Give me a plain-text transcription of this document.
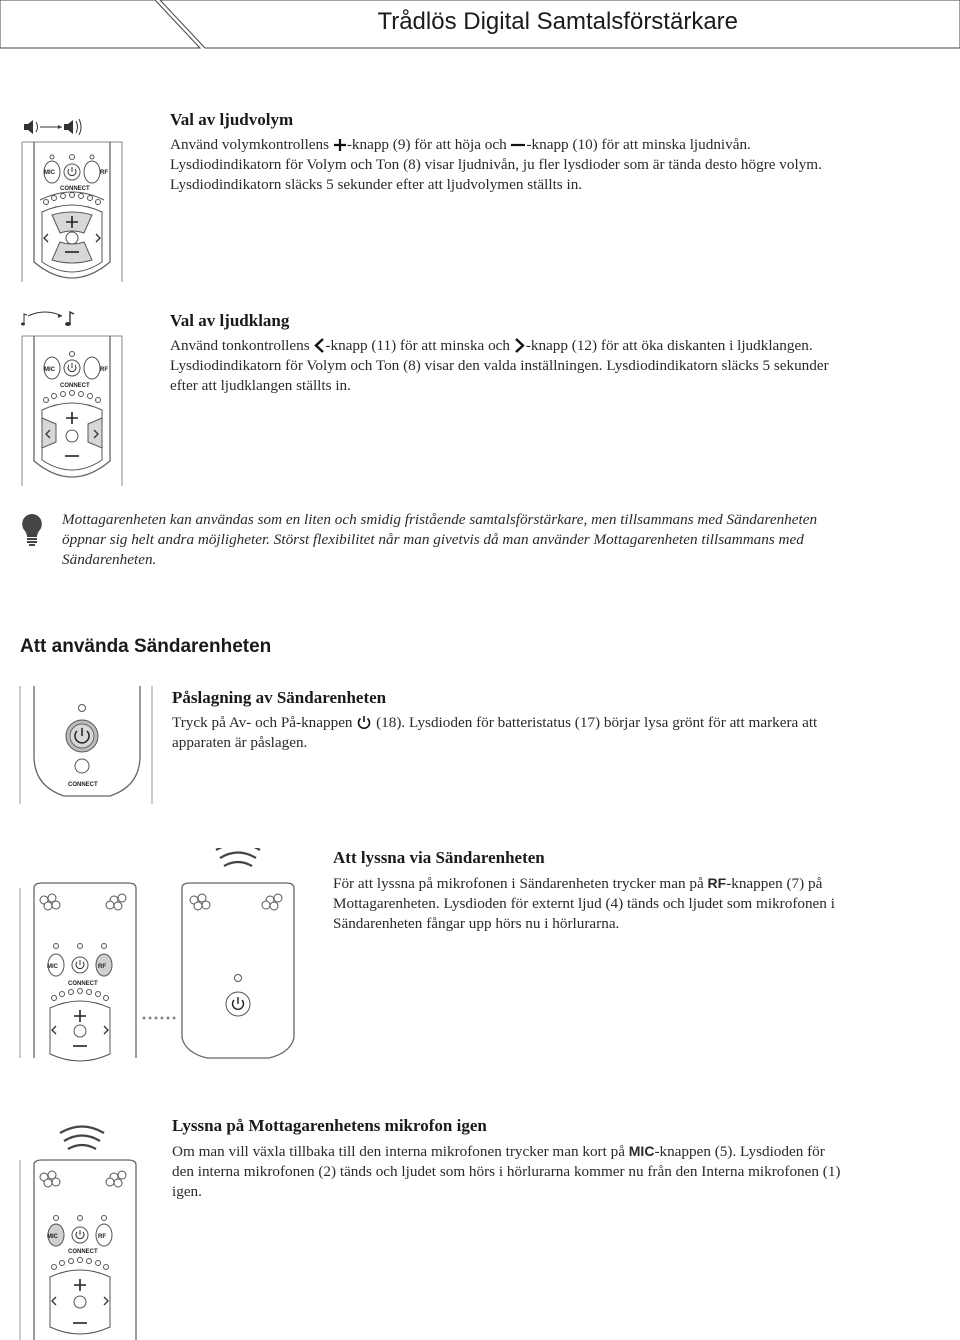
Trådlös Digital Samtalsförstärkare
MIC	RF
CONNECT
Val av ljudvolym

Använd volymkontrollens -knapp (9) för att höja och -knapp (10) för att minska ljudnivån. Lysdiodindikatorn för Volym och Ton (8) visar ljudnivån, ju fler lysdioder som är tända desto högre volym. Lysdiodindikatorn släcks 5 sekunder efter att ljudvolymen ställts in.

MIC	RF
CONNECT
Val av ljudklang

Använd tonkontrollens -knapp (11) för att minska och -knapp (12) för att öka diskanten i ljudklangen. Lysdiodindikatorn för Volym och Ton (8) visar den valda inställningen. Lysdiodindikatorn släcks 5 sekunder efter att ljudklangen ställts in.

Mottagarenheten kan användas som en liten och smidig fristående samtalsförstärkare, men tillsammans med Sändarenheten öppnar sig helt andra möjligheter. Störst flexibilitet når man givetvis då man använder Mottagarenheten tillsammans med Sändarenheten.
Att använda Sändarenheten
CONNECT
Påslagning av Sändarenheten

Tryck på Av- och På-knappen  (18). Lysdioden för batteristatus (17) börjar lysa grönt för att markera att apparaten är påslagen.

MIC	RF
CONNECT
Att lyssna via Sändarenheten

För att lyssna på mikrofonen i Sändarenheten trycker man på RF-knappen (7) på Mottagarenheten. Lysdioden för externt ljud (4) tänds och ljudet som mikrofonen i Sändarenheten fångar upp hörs nu i hörlurarna.

MIC	RF
CONNECT
Lyssna på Mottagarenhetens mikrofon igen

Om man vill växla tillbaka till den interna mikrofonen trycker man kort på MIC-knappen (5). Lysdioden för den interna mikrofonen (2) tänds och ljudet som hörs i hörlurarna kommer nu från den Interna mikrofonen (1) igen.
